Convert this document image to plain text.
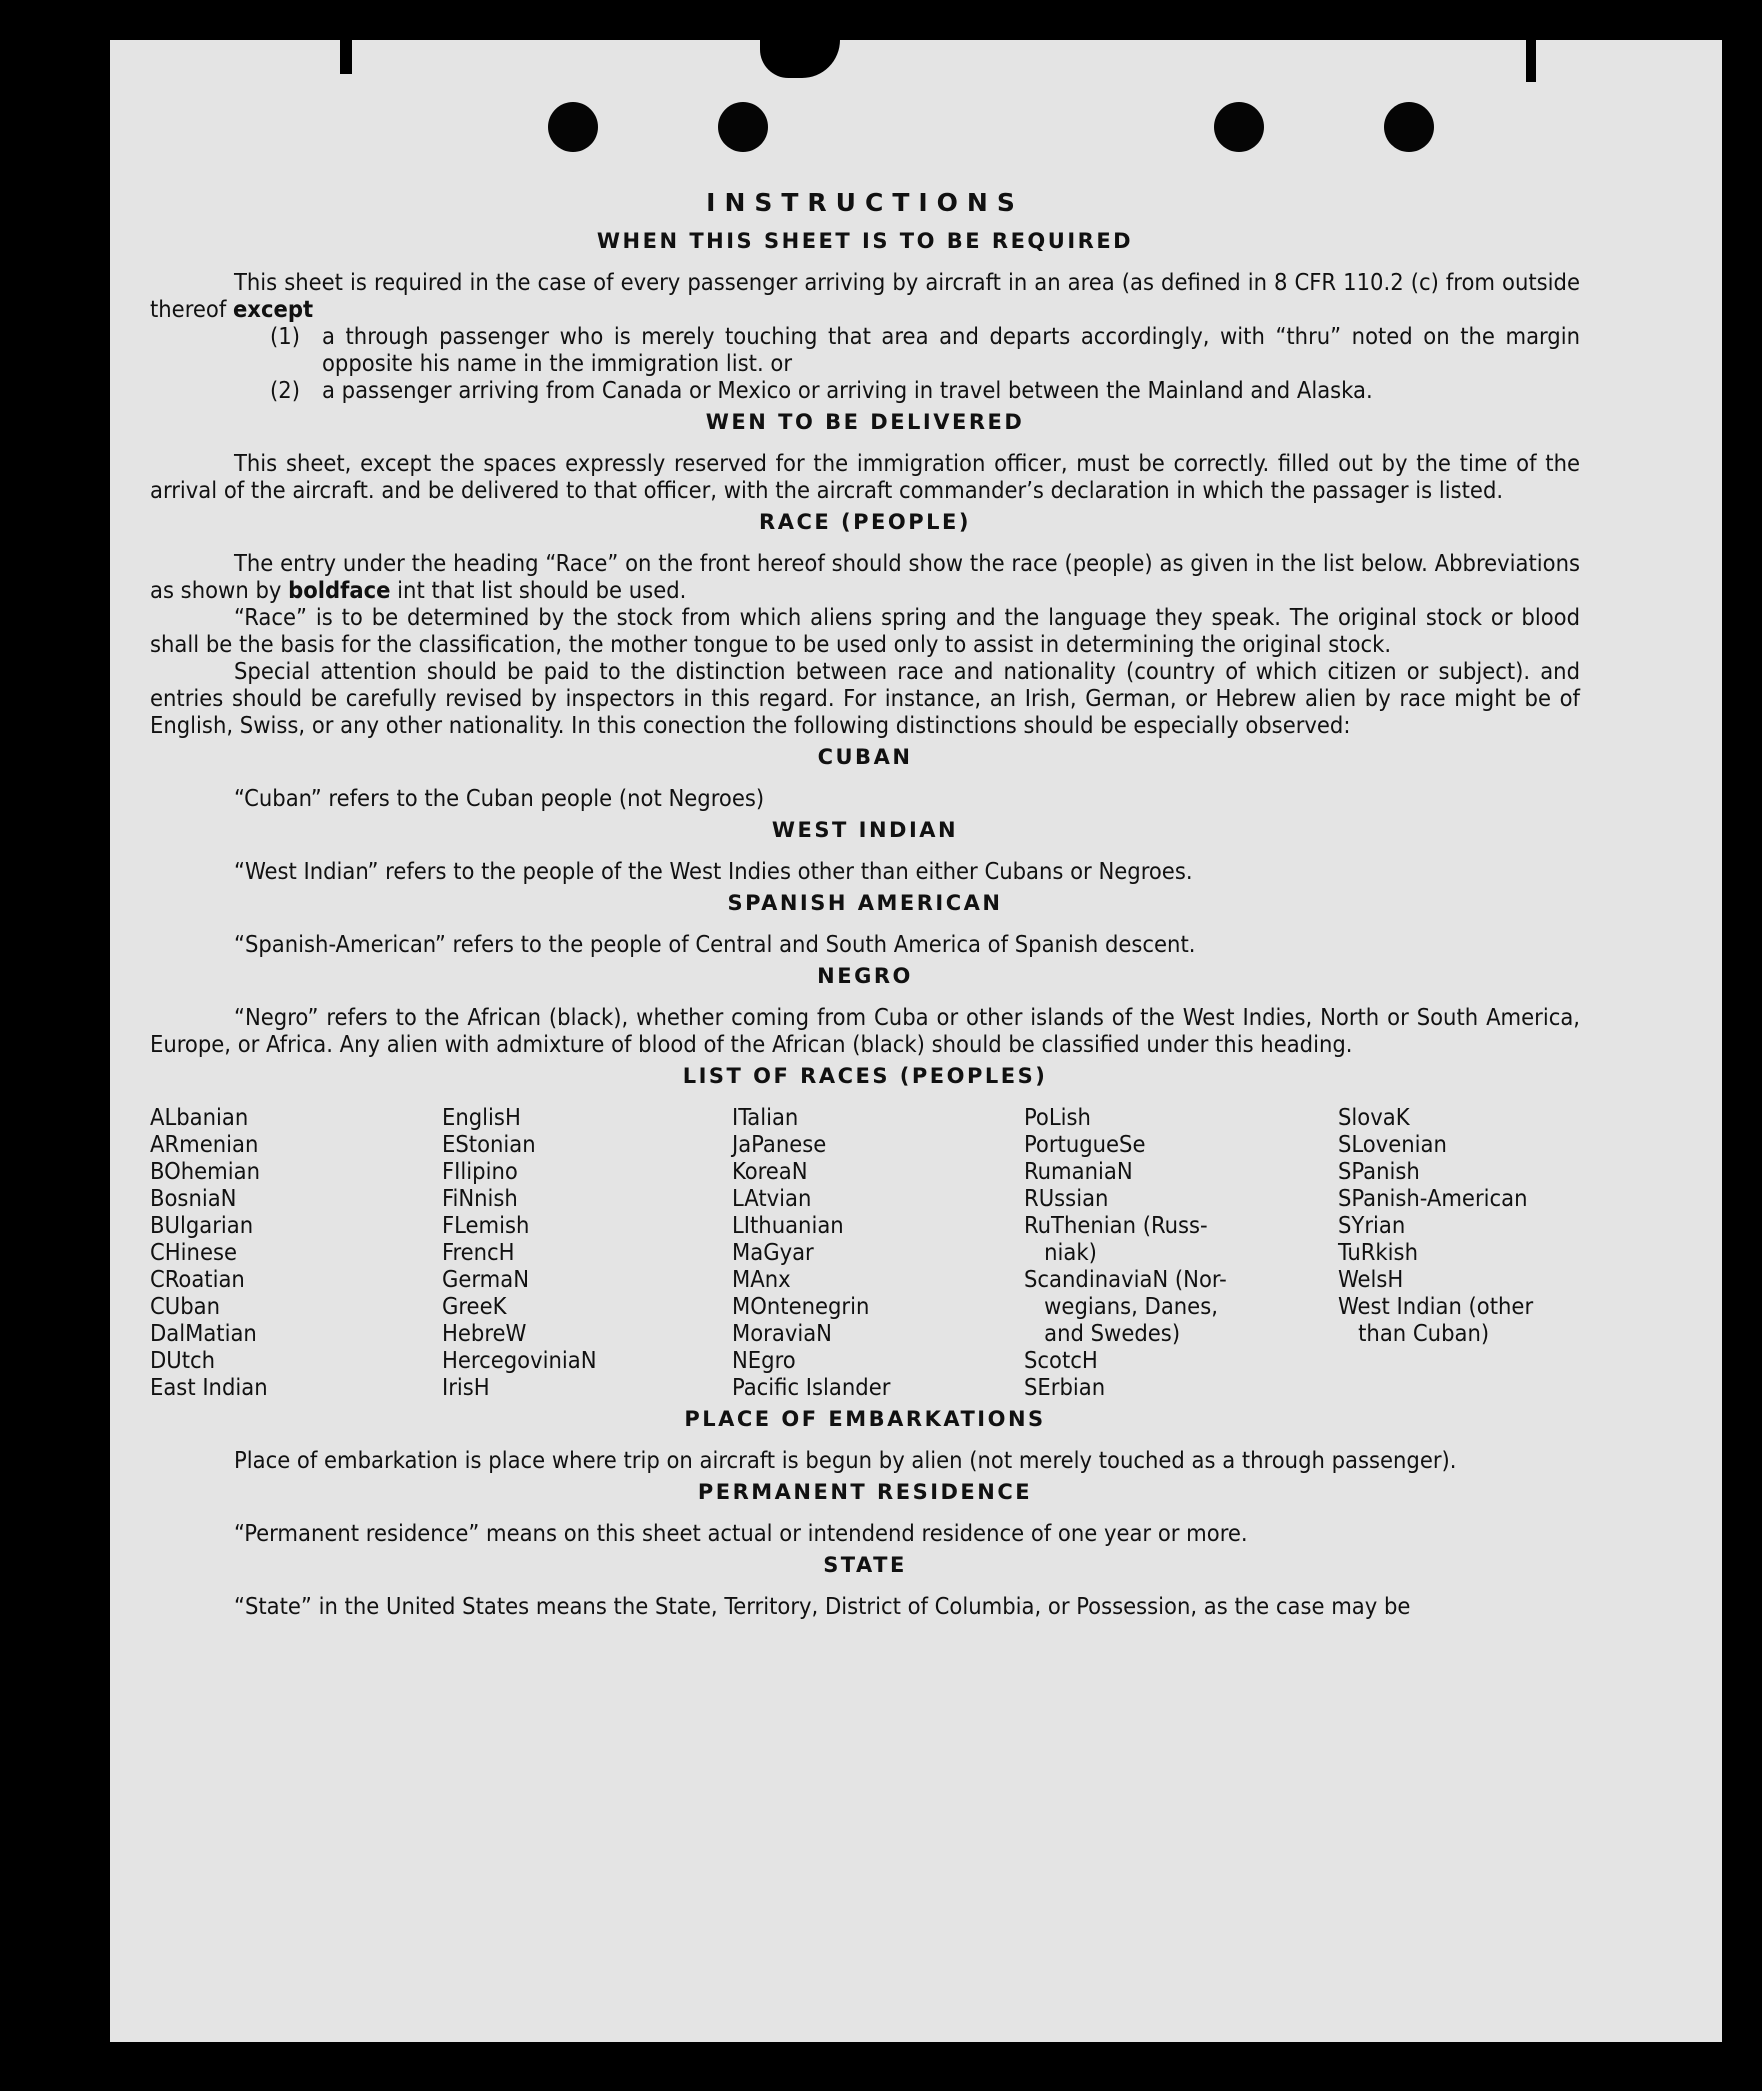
INSTRUCTIONS
WHEN THIS SHEET IS TO BE REQUIRED

This sheet is required in the case of every passenger arriving by aircraft in an area (as defined in 8 CFR 110.2 (c) from outside thereof except

(1) a through passenger who is merely touching that area and departs accordingly, with “thru” noted on the margin opposite his name in the immigration list. or
(2) a passenger arriving from Canada or Mexico or arriving in travel between the Mainland and Alaska.
WEN TO BE DELIVERED

This sheet, except the spaces expressly reserved for the immigration officer, must be correctly. filled out by the time of the arrival of the aircraft. and be delivered to that officer, with the aircraft commander’s declaration in which the passager is listed.

RACE (PEOPLE)

The entry under the heading “Race” on the front hereof should show the race (people) as given in the list below. Abbreviations as shown by boldface int that list should be used.

“Race” is to be determined by the stock from which aliens spring and the language they speak. The original stock or blood shall be the basis for the classification, the mother tongue to be used only to assist in determining the original stock.

Special attention should be paid to the distinction between race and nationality (country of which citizen or subject). and entries should be carefully revised by inspectors in this regard. For instance, an Irish, German, or Hebrew alien by race might be of English, Swiss, or any other nationality. In this conection the following distinctions should be especially observed:

CUBAN

“Cuban” refers to the Cuban people (not Negroes)

WEST INDIAN

“West Indian” refers to the people of the West Indies other than either Cubans or Negroes.

SPANISH AMERICAN

“Spanish-American” refers to the people of Central and South America of Spanish descent.

NEGRO

“Negro” refers to the African (black), whether coming from Cuba or other islands of the West Indies, North or South America, Europe, or Africa. Any alien with admixture of blood of the African (black) should be classified under this heading.

LIST OF RACES (PEOPLES)
ALbanian
ARmenian
BOhemian
BosniaN
BUlgarian
CHinese
CRoatian
CUban
DalMatian
DUtch
East Indian
EnglisH
EStonian
FIlipino
FiNnish
FLemish
FrencH
GermaN
GreeK
HebreW
HercegoviniaN
IrisH
ITalian
JaPanese
KoreaN
LAtvian
LIthuanian
MaGyar
MAnx
MOntenegrin
MoraviaN
NEgro
Pacific Islander
PoLish
PortugueSe
RumaniaN
RUssian
RuThenian (Russ-
niak)
ScandinaviaN (Nor-
wegians, Danes,
and Swedes)
ScotcH
SErbian
SlovaK
SLovenian
SPanish
SPanish-American
SYrian
TuRkish
WelsH
West Indian (other
than Cuban)
PLACE OF EMBARKATIONS

Place of embarkation is place where trip on aircraft is begun by alien (not merely touched as a through passenger).

PERMANENT RESIDENCE

“Permanent residence” means on this sheet actual or intendend residence of one year or more.

STATE

“State” in the United States means the State, Territory, District of Columbia, or Possession, as the case may be
